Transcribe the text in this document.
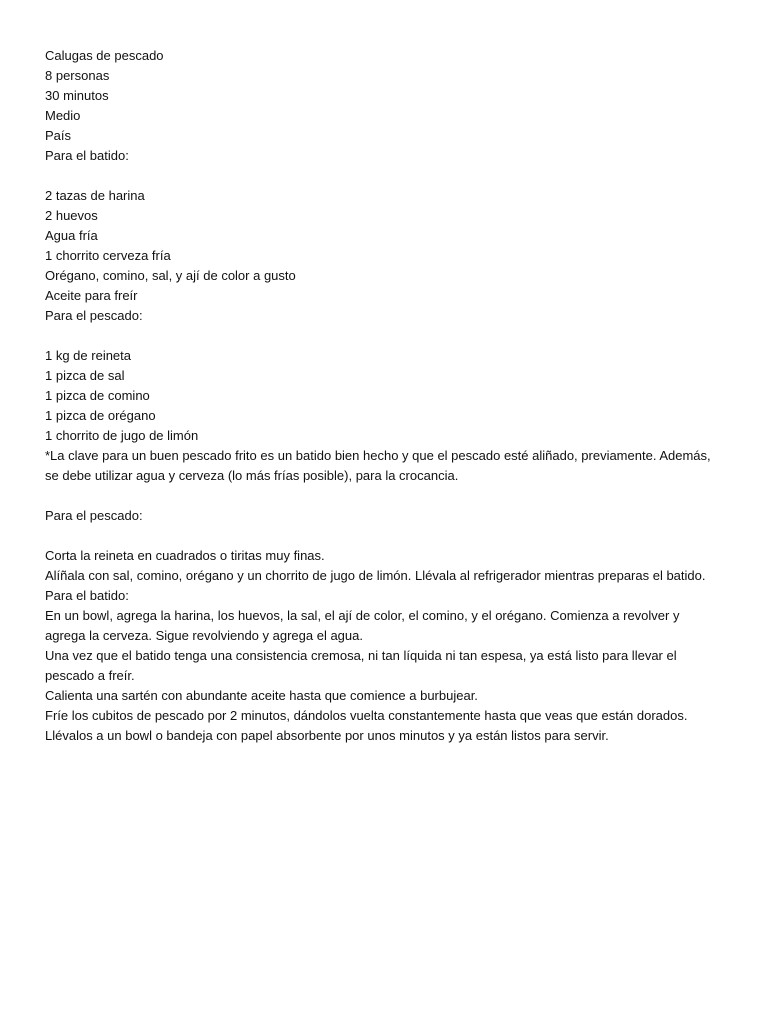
Calugas de pescado

8 personas

30 minutos

Medio

País

Para el batido:

2 tazas de harina

2 huevos

Agua fría

1 chorrito cerveza fría

Orégano, comino, sal, y ají de color a gusto

Aceite para freír

Para el pescado:

1 kg de reineta

1 pizca de sal

1 pizca de comino

1 pizca de orégano

1 chorrito de jugo de limón

*La clave para un buen pescado frito es un batido bien hecho y que el pescado esté aliñado, previamente. Además, se debe utilizar agua y cerveza (lo más frías posible), para la crocancia.

Para el pescado:

Corta la reineta en cuadrados o tiritas muy finas.

Alíñala con sal, comino, orégano y un chorrito de jugo de limón. Llévala al refrigerador mientras preparas el batido.

Para el batido:

En un bowl, agrega la harina, los huevos, la sal, el ají de color, el comino, y el orégano. Comienza a revolver y agrega la cerveza. Sigue revolviendo y agrega el agua.

Una vez que el batido tenga una consistencia cremosa, ni tan líquida ni tan espesa, ya está listo para llevar el pescado a freír.

Calienta una sartén con abundante aceite hasta que comience a burbujear.

Fríe los cubitos de pescado por 2 minutos, dándolos vuelta constantemente hasta que veas que están dorados.

Llévalos a un bowl o bandeja con papel absorbente por unos minutos y ya están listos para servir.
